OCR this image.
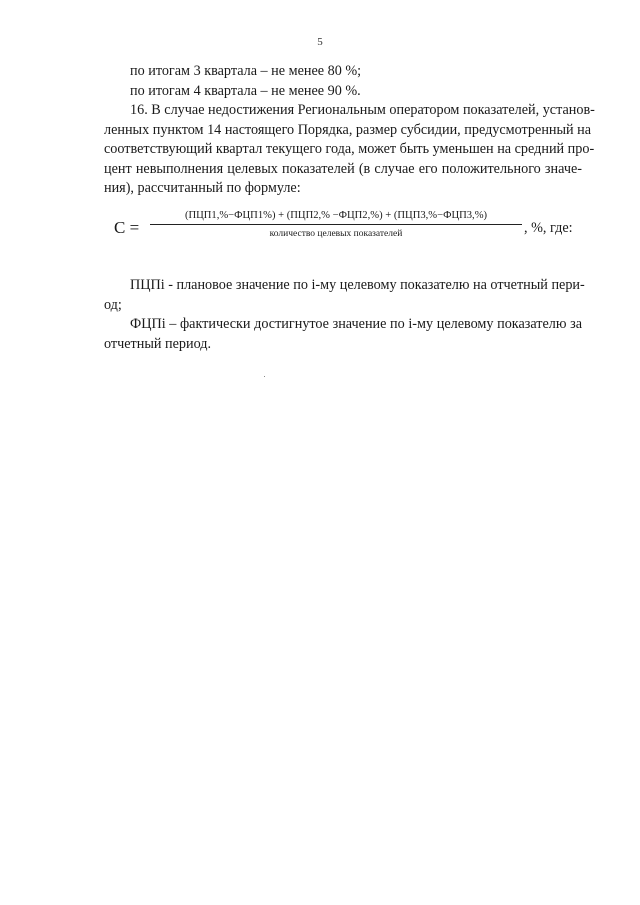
5
по итогам 3 квартала – не менее 80 %;
по итогам 4 квартала – не менее 90 %.
16. В случае недостижения Региональным оператором показателей, установ-
ленных пунктом 14 настоящего Порядка, размер субсидии, предусмотренный на
соответствующий квартал текущего года, может быть уменьшен на средний про-
цент невыполнения целевых показателей (в случае его положительного значе-
ния), рассчитанный по формуле:
С =
(ПЦП1,%−ФЦП1%) + (ПЦП2,% −ФЦП2,%) + (ПЦП3,%−ФЦП3,%)
количество целевых показателей	, %, где:
ПЦПi - плановое значение по i-му целевому показателю на отчетный пери-
од;
ФЦПi – фактически достигнутое значение по i-му целевому показателю за
отчетный период.
